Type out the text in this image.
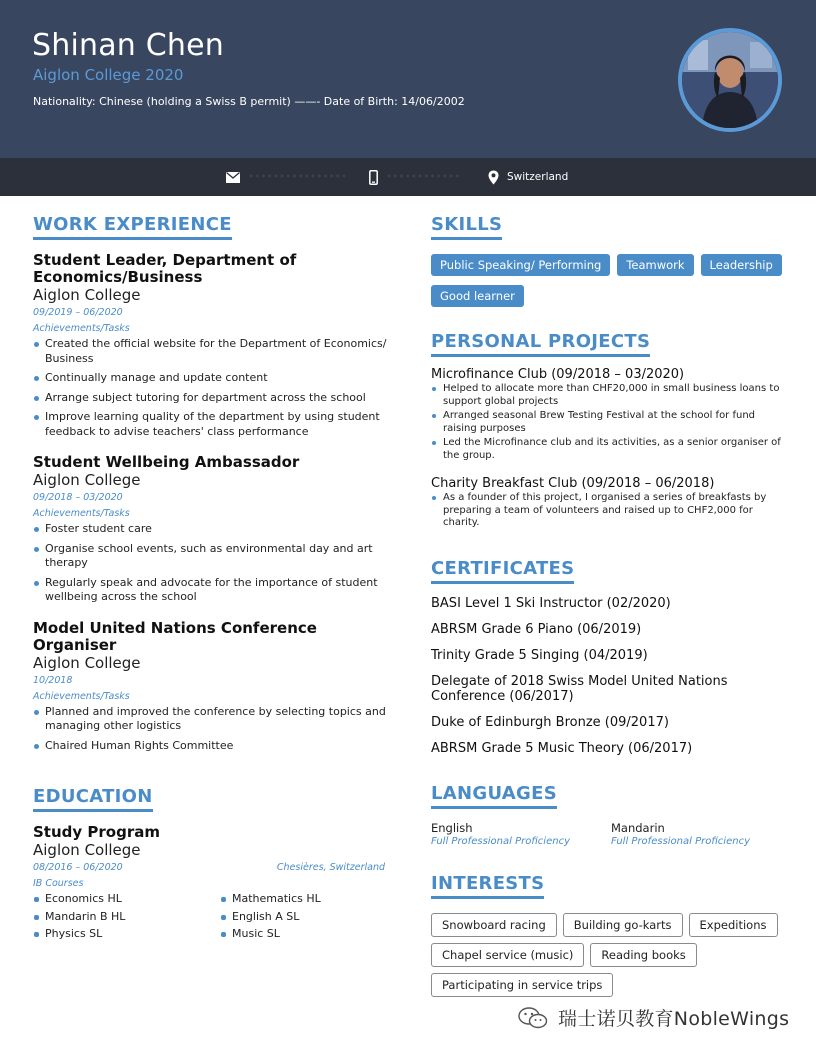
Shinan Chen
Aiglon College 2020
Nationality: Chinese (holding a Swiss B permit) ——- Date of Birth: 14/06/2002
••••••••••••••••	••••••••••••	Switzerland
WORK EXPERIENCE
Student Leader, Department of Economics/Business
Aiglon College
09/2019 – 06/2020
Achievements/Tasks
Created the official website for the Department of Economics/ Business
Continually manage and update content
Arrange subject tutoring for department across the school
Improve learning quality of the department by using student feedback to advise teachers' class performance
Student Wellbeing Ambassador
Aiglon College
09/2018 – 03/2020
Achievements/Tasks
Foster student care
Organise school events, such as environmental day and art therapy
Regularly speak and advocate for the importance of student wellbeing across the school
Model United Nations Conference Organiser
Aiglon College
10/2018
Achievements/Tasks
Planned and improved the conference by selecting topics and managing other logistics
Chaired Human Rights Committee
EDUCATION
Study Program
Aiglon College
08/2016 – 06/2020	Chesières, Switzerland
IB Courses
Economics HL	Mathematics HL
Mandarin B HL	English A SL
Physics SL	Music SL
SKILLS
Public Speaking/ Performing	Teamwork	Leadership
Good learner
PERSONAL PROJECTS
Microfinance Club (09/2018 – 03/2020)
Helped to allocate more than CHF20,000 in small business loans to support global projects
Arranged seasonal Brew Testing Festival at the school for fund raising purposes
Led the Microfinance club and its activities, as a senior organiser of the group.
Charity Breakfast Club (09/2018 – 06/2018)
As a founder of this project, I organised a series of breakfasts by preparing a team of volunteers and raised up to CHF2,000 for charity.
CERTIFICATES
BASI Level 1 Ski Instructor (02/2020)
ABRSM Grade 6 Piano (06/2019)
Trinity Grade 5 Singing (04/2019)
Delegate of 2018 Swiss Model United Nations Conference (06/2017)
Duke of Edinburgh Bronze (09/2017)
ABRSM Grade 5 Music Theory (06/2017)
LANGUAGES
English
Full Professional Proficiency
Mandarin
Full Professional Proficiency
INTERESTS
Snowboard racing	Building go-karts	Expeditions
Chapel service (music)	Reading books
Participating in service trips
瑞士诺贝教育NobleWings
